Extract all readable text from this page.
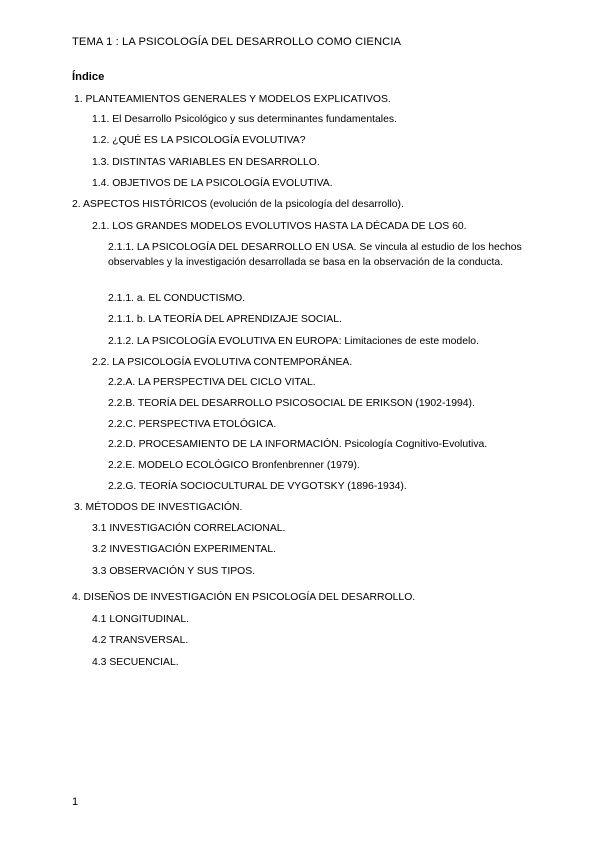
TEMA 1 : LA PSICOLOGÍA DEL DESARROLLO COMO CIENCIA
Índice
1. PLANTEAMIENTOS GENERALES Y MODELOS EXPLICATIVOS.
1.1. El Desarrollo Psicológico y sus determinantes fundamentales.
1.2. ¿QUÉ ES LA PSICOLOGÍA EVOLUTIVA?
1.3. DISTINTAS VARIABLES EN DESARROLLO.
1.4. OBJETIVOS DE LA PSICOLOGÍA EVOLUTIVA.
2. ASPECTOS HISTÓRICOS (evolución de la psicología del desarrollo).
2.1. LOS GRANDES MODELOS EVOLUTIVOS HASTA LA DÉCADA DE LOS 60.
2.1.1. LA PSICOLOGÍA DEL DESARROLLO EN USA. Se vincula al estudio de los hechos observables y la investigación desarrollada se basa en la observación de la conducta.
2.1.1. a. EL CONDUCTISMO.
2.1.1. b. LA TEORÍA DEL APRENDIZAJE SOCIAL.
2.1.2. LA PSICOLOGÍA EVOLUTIVA EN EUROPA: Limitaciones de este modelo.
2.2. LA PSICOLOGÍA EVOLUTIVA CONTEMPORÁNEA.
2.2.A. LA PERSPECTIVA DEL CICLO VITAL.
2.2.B. TEORÍA DEL DESARROLLO PSICOSOCIAL DE ERIKSON (1902-1994).
2.2.C. PERSPECTIVA ETOLÓGICA.
2.2.D. PROCESAMIENTO DE LA INFORMACIÓN. Psicología Cognitivo-Evolutiva.
2.2.E. MODELO ECOLÓGICO Bronfenbrenner (1979).
2.2.G. TEORÍA SOCIOCULTURAL DE VYGOTSKY (1896-1934).
3. MÉTODOS DE INVESTIGACIÓN.
3.1 INVESTIGACIÓN CORRELACIONAL.
3.2 INVESTIGACIÓN EXPERIMENTAL.
3.3 OBSERVACIÓN Y SUS TIPOS.
4. DISEÑOS DE INVESTIGACIÓN EN PSICOLOGÍA DEL DESARROLLO.
4.1 LONGITUDINAL.
4.2 TRANSVERSAL.
4.3 SECUENCIAL.
1
